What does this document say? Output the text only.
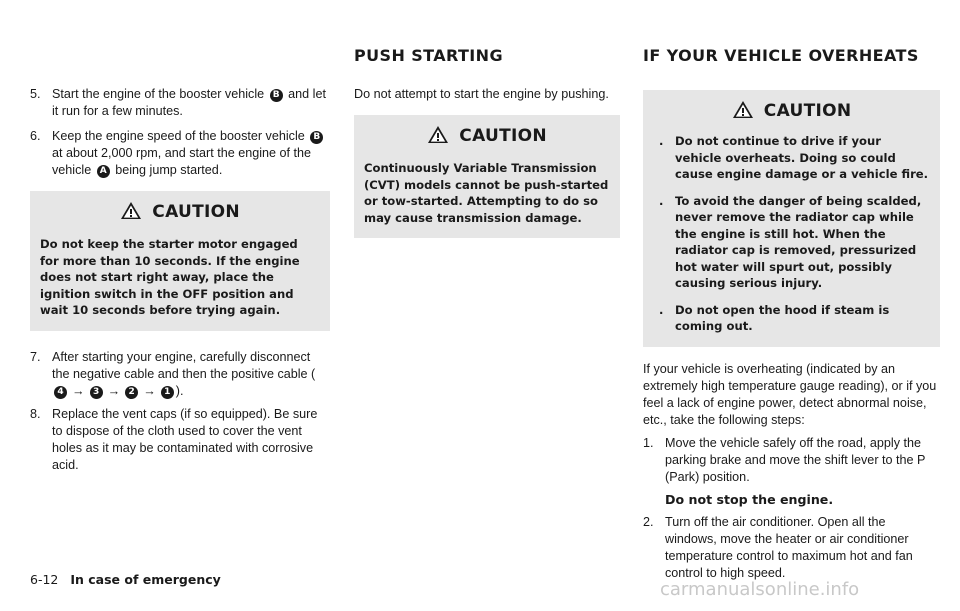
PUSH STARTING	IF YOUR VEHICLE OVERHEATS

5. Start the engine of the booster vehicle B and let it run for a few minutes.

6. Keep the engine speed of the booster vehicle B at about 2,000 rpm, and start the engine of the vehicle A being jump started.

CAUTION
Do not keep the starter motor engaged for more than 10 seconds. If the engine does not start right away, place the ignition switch in the OFF position and wait 10 seconds before trying again.

7. After starting your engine, carefully disconnect the negative cable and then the positive cable (4 → 3 → 2 → 1 ).

8. Replace the vent caps (if so equipped). Be sure to dispose of the cloth used to cover the vent holes as it may be contaminated with corrosive acid.

Do not attempt to start the engine by pushing.

CAUTION
Continuously Variable Transmission (CVT) models cannot be push-started or tow-started. Attempting to do so may cause transmission damage.
CAUTION
. Do not continue to drive if your vehicle overheats. Doing so could cause engine damage or a vehicle fire.
. To avoid the danger of being scalded, never remove the radiator cap while the engine is still hot. When the radiator cap is removed, pressurized hot water will spurt out, possibly causing serious injury.
. Do not open the hood if steam is coming out.

If your vehicle is overheating (indicated by an extremely high temperature gauge reading), or if you feel a lack of engine power, detect abnormal noise, etc., take the following steps:

1. Move the vehicle safely off the road, apply the parking brake and move the shift lever to the P (Park) position.

Do not stop the engine.

2. Turn off the air conditioner. Open all the windows, move the heater or air conditioner temperature control to maximum hot and fan control to high speed.

6-12 In case of emergency	carmanualsonline.info
